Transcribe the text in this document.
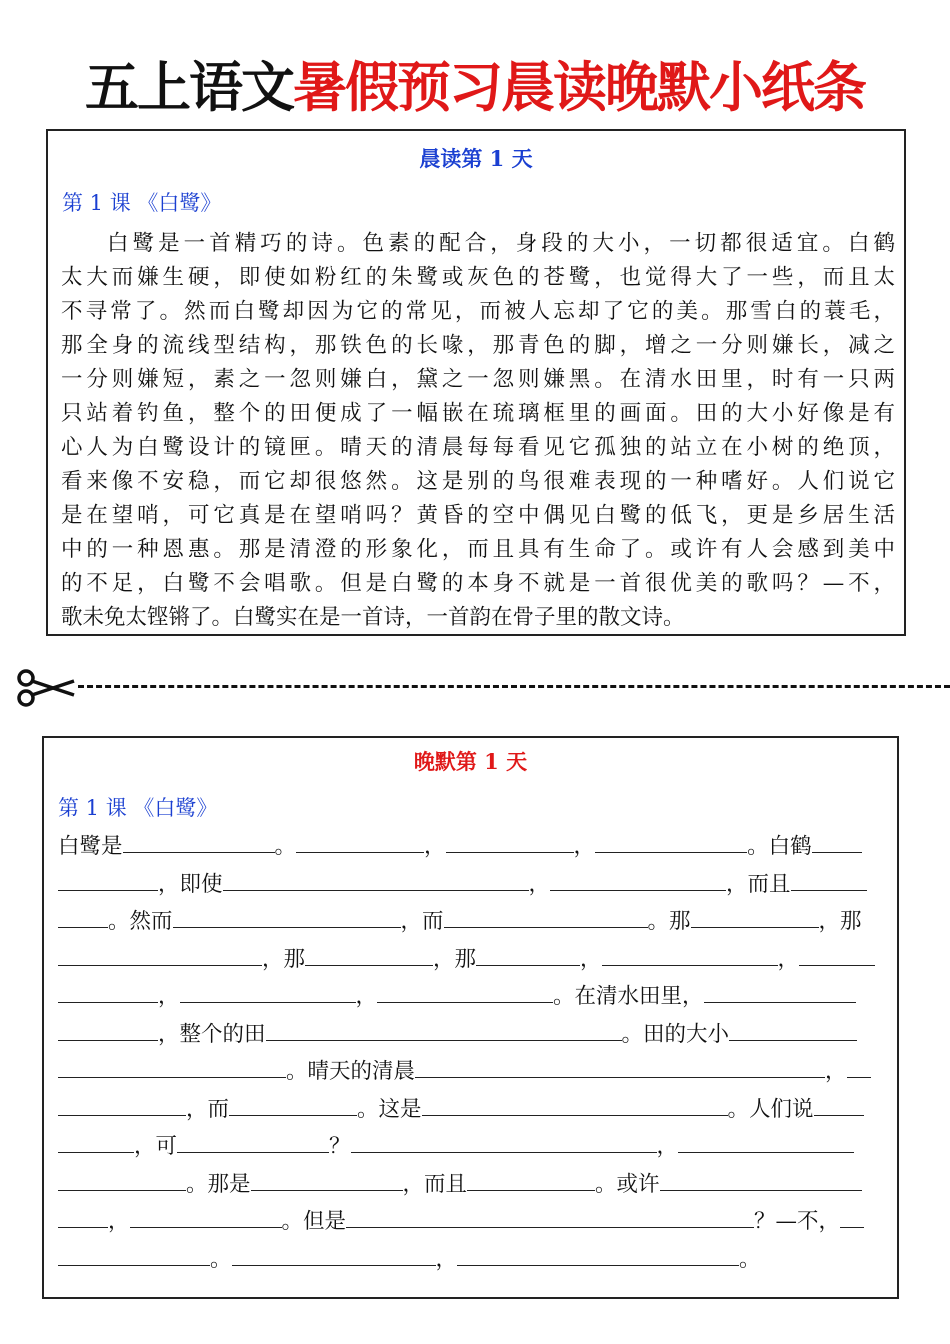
五上语文暑假预习晨读晚默小纸条
晨读第 1 天
第 1 课 《白鹭》
白鹭是一首精巧的诗。色素的配合，身段的大小，一切都很适宜。白鹤
太大而嫌生硬，即使如粉红的朱鹭或灰色的苍鹭，也觉得大了一些，而且太
不寻常了。然而白鹭却因为它的常见，而被人忘却了它的美。那雪白的蓑毛，
那全身的流线型结构，那铁色的长喙，那青色的脚，增之一分则嫌长，减之
一分则嫌短，素之一忽则嫌白，黛之一忽则嫌黑。在清水田里，时有一只两
只站着钓鱼，整个的田便成了一幅嵌在琉璃框里的画面。田的大小好像是有
心人为白鹭设计的镜匣。晴天的清晨每每看见它孤独的站立在小树的绝顶，
看来像不安稳，而它却很悠然。这是别的鸟很难表现的一种嗜好。人们说它
是在望哨，可它真是在望哨吗？黄昏的空中偶见白鹭的低飞，更是乡居生活
中的一种恩惠。那是清澄的形象化，而且具有生命了。或许有人会感到美中
的不足，白鹭不会唱歌。但是白鹭的本身不就是一首很优美的歌吗？—不，
歌未免太铿锵了。白鹭实在是一首诗，一首韵在骨子里的散文诗。
晚默第 1 天
第 1 课 《白鹭》
白鹭是	。	，	，	。白鹤
，即使	，	，而且
。然而	，而	。那	，那
，那	，那	，	，
，	，	。在清水田里，
，整个的田	。田的大小
。晴天的清晨	，
，而	。这是	。人们说
，可	？	，
。那是	，而且	。或许
，	。但是	？—不，
。	，	。
